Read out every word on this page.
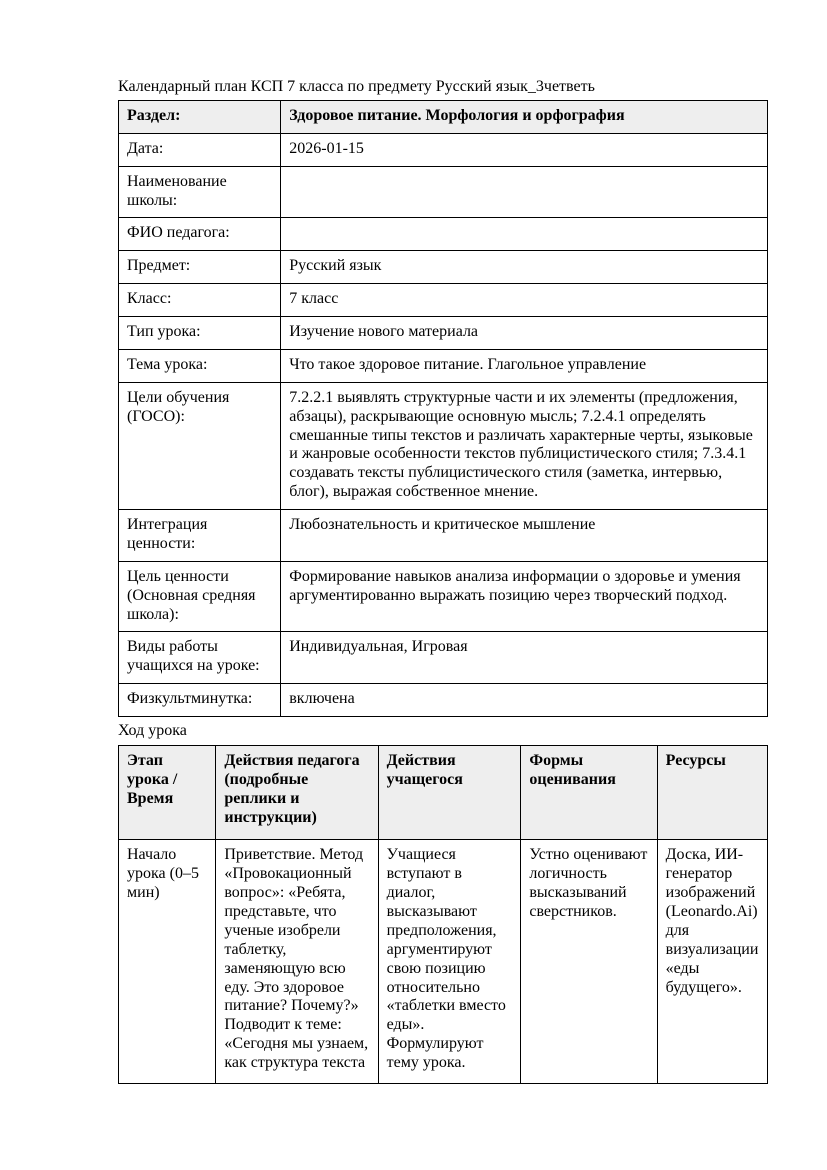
Календарный план КСП 7 класса по предмету Русский язык_3четветь

Раздел:	Здоровое питание. Морфология и орфография
Дата:	2026-01-15
Наименование школы:	
ФИО педагога:	
Предмет:	Русский язык
Класс:	7 класс
Тип урока:	Изучение нового материала
Тема урока:	Что такое здоровое питание. Глагольное управление
Цели обучения (ГОСО):	7.2.2.1 выявлять структурные части и их элементы (предложения, абзацы), раскрывающие основную мысль; 7.2.4.1 определять смешанные типы текстов и различать характерные черты, языковые и жанровые особенности текстов публицистического стиля; 7.3.4.1 создавать тексты публицистического стиля (заметка, интервью, блог), выражая собственное мнение.
Интеграция ценности:	Любознательность и критическое мышление
Цель ценности (Основная средняя школа):	Формирование навыков анализа информации о здоровье и умения аргументированно выражать позицию через творческий подход.
Виды работы учащихся на уроке:	Индивидуальная, Игровая
Физкультминутка:	включена

Ход урока

Этап урока / Время	Действия педагога (подробные реплики и инструкции)	Действия учащегося	Формы оценивания	Ресурсы
Начало урока (0–5 мин)	Приветствие. Метод «Провокационный вопрос»: «Ребята, представьте, что ученые изобрели таблетку, заменяющую всю еду. Это здоровое питание? Почему?» Подводит к теме: «Сегодня мы узнаем, как структура текста	Учащиеся вступают в диалог, высказывают предположения, аргументируют свою позицию относительно «таблетки вместо еды». Формулируют тему урока.	Устно оценивают логичность высказываний сверстников.	Доска, ИИ-генератор изображений (Leonardo.Ai) для визуализации «еды будущего».
